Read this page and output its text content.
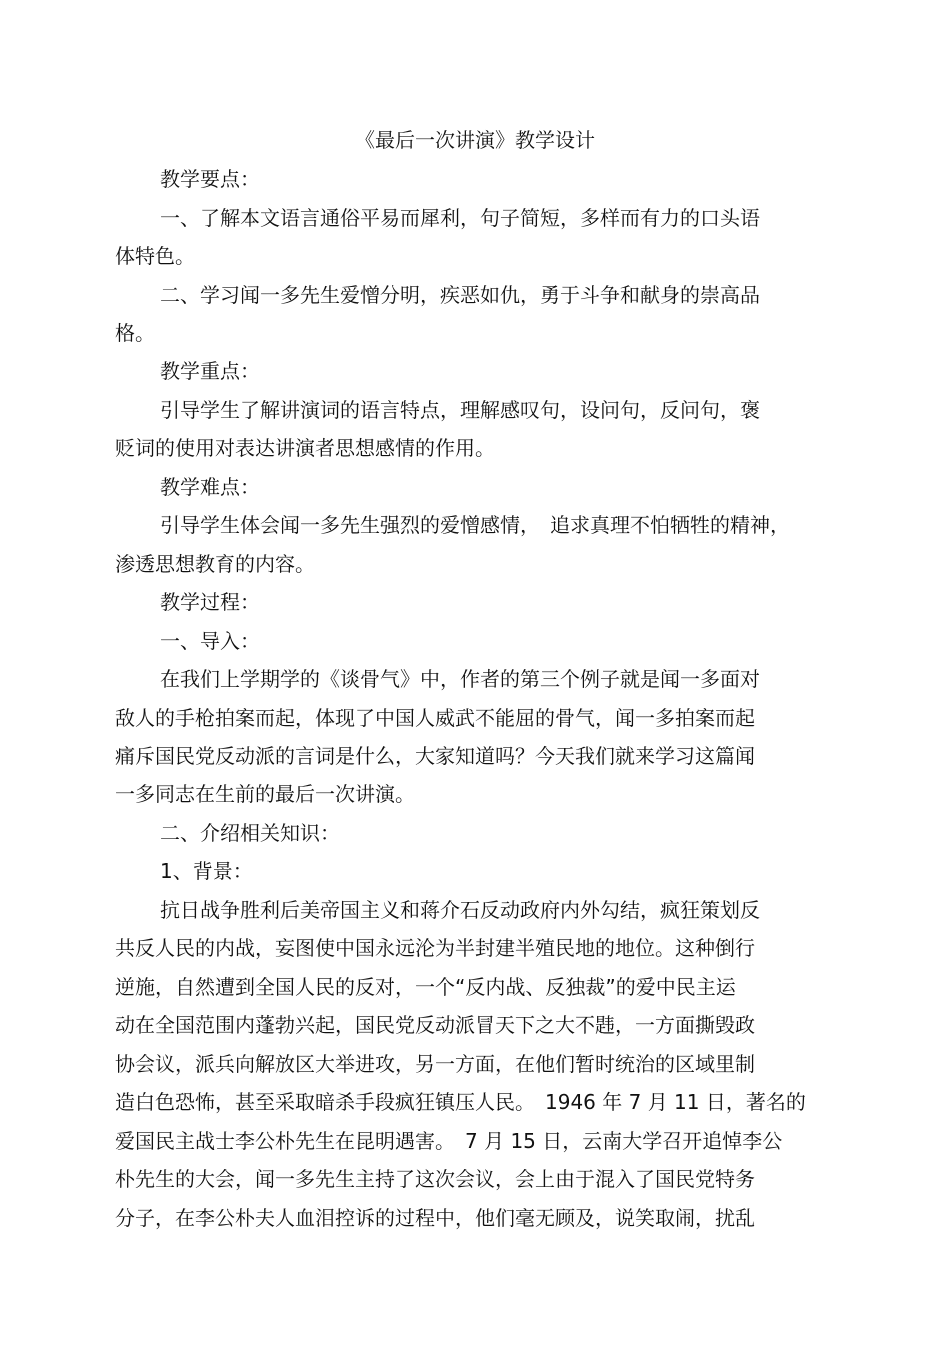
《最后一次讲演》教学设计
教学要点：
一、了解本文语言通俗平易而犀利，句子简短，多样而有力的口头语
体特色。
二、学习闻一多先生爱憎分明，疾恶如仇，勇于斗争和献身的崇高品
格。
教学重点：
引导学生了解讲演词的语言特点，理解感叹句，设问句，反问句，褒
贬词的使用对表达讲演者思想感情的作用。
教学难点：
引导学生体会闻一多先生强烈的爱憎感情，　追求真理不怕牺牲的精神，
渗透思想教育的内容。
教学过程：
一、导入：
在我们上学期学的《谈骨气》中，作者的第三个例子就是闻一多面对
敌人的手枪拍案而起，体现了中国人威武不能屈的骨气，闻一多拍案而起
痛斥国民党反动派的言词是什么，大家知道吗？今天我们就来学习这篇闻
一多同志在生前的最后一次讲演。
二、介绍相关知识：
1、背景：
抗日战争胜利后美帝国主义和蒋介石反动政府内外勾结，疯狂策划反
共反人民的内战，妄图使中国永远沦为半封建半殖民地的地位。这种倒行
逆施，自然遭到全国人民的反对，一个“反内战、反独裁”的爱中民主运
动在全国范围内蓬勃兴起，国民党反动派冒天下之大不韪，一方面撕毁政
协会议，派兵向解放区大举进攻，另一方面，在他们暂时统治的区域里制
造白色恐怖，甚至采取暗杀手段疯狂镇压人民。　1946 年 7 月 11 日，著名的
爱国民主战士李公朴先生在昆明遇害。　7 月 15 日，云南大学召开追悼李公
朴先生的大会，闻一多先生主持了这次会议，会上由于混入了国民党特务
分子，在李公朴夫人血泪控诉的过程中，他们毫无顾及，说笑取闹，扰乱
